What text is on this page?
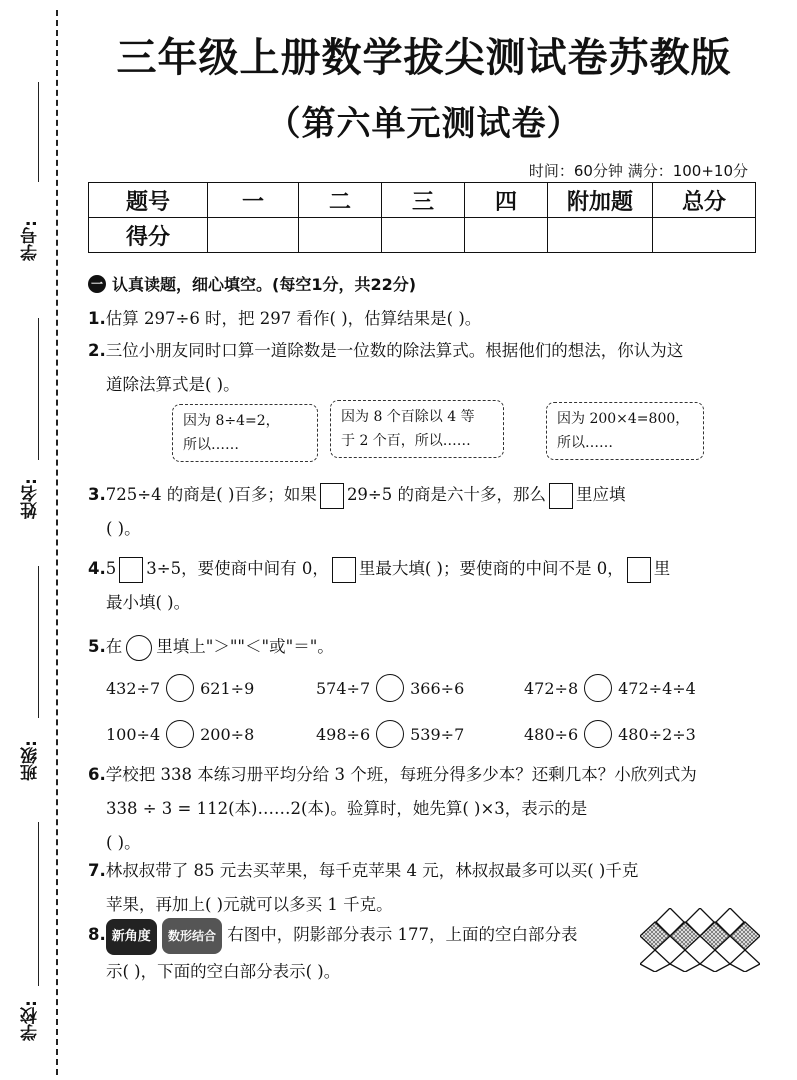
学号:
姓名:
班级:
学校:
三年级上册数学拔尖测试卷苏教版
（第六单元测试卷）
时间：60分钟 满分：100+10分
题号	一	二	三	四	附加题	总分
得分						
一 认真读题，细心填空。(每空1分，共22分)
1.估算 297÷6 时，把 297 看作( )，估算结果是( )。
2.三位小朋友同时口算一道除数是一位数的除法算式。根据他们的想法，你认为这
道除法算式是( )。
因为 8÷4=2，
所以……
因为 8 个百除以 4 等
于 2 个百，所以……
因为 200×4=800，
所以……
3.725÷4 的商是( )百多；如果 29÷5 的商是六十多，那么 里应填
( )。
4.5 3÷5，要使商中间有 0， 里最大填( )；要使商的中间不是 0， 里
最小填( )。
5.在 里填上"＞""＜"或"＝"。
432÷7	621÷9	574÷7	366÷6	472÷8	472÷4÷4
100÷4	200÷8	498÷6	539÷7	480÷6	480÷2÷3
6.学校把 338 本练习册平均分给 3 个班，每班分得多少本？还剩几本？小欣列式为
338 ÷ 3 = 112(本)……2(本)。验算时，她先算( )×3，表示的是
( )。
7.林叔叔带了 85 元去买苹果，每千克苹果 4 元，林叔叔最多可以买( )千克
苹果，再加上( )元就可以多买 1 千克。
8. 新角度 数形结合 右图中，阴影部分表示 177，上面的空白部分表
示( )，下面的空白部分表示( )。
